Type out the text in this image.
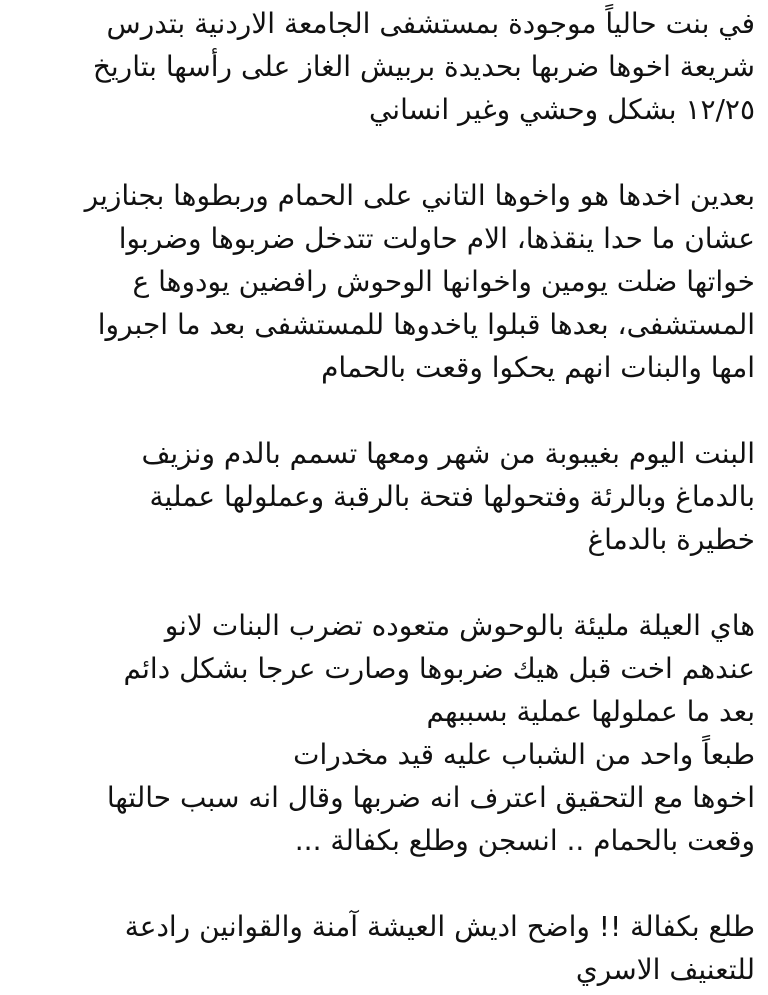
في بنت حالياً موجودة بمستشفى الجامعة الاردنية بتدرس
شريعة اخوها ضربها بحديدة بربيش الغاز على رأسها بتاريخ
١٢/٢٥ بشكل وحشي وغير انساني
بعدين اخدها هو واخوها التاني على الحمام وربطوها بجنازير
عشان ما حدا ينقذها، الام حاولت تتدخل ضربوها وضربوا
خواتها ضلت يومين واخوانها الوحوش رافضين يودوها ع
المستشفى، بعدها قبلوا ياخدوها للمستشفى بعد ما اجبروا
امها والبنات انهم يحكوا وقعت بالحمام
البنت اليوم بغيبوبة من شهر ومعها تسمم بالدم ونزيف
بالدماغ وبالرئة وفتحولها فتحة بالرقبة وعملولها عملية
خطيرة بالدماغ
هاي العيلة مليئة بالوحوش متعوده تضرب البنات لانو
عندهم اخت قبل هيك ضربوها وصارت عرجا بشكل دائم
بعد ما عملولها عملية بسببهم
طبعاً واحد من الشباب عليه قيد مخدرات
اخوها مع التحقيق اعترف انه ضربها وقال انه سبب حالتها
وقعت بالحمام .. انسجن وطلع بكفالة ...
طلع بكفالة !! واضح اديش العيشة آمنة والقوانين رادعة
للتعنيف الاسري
